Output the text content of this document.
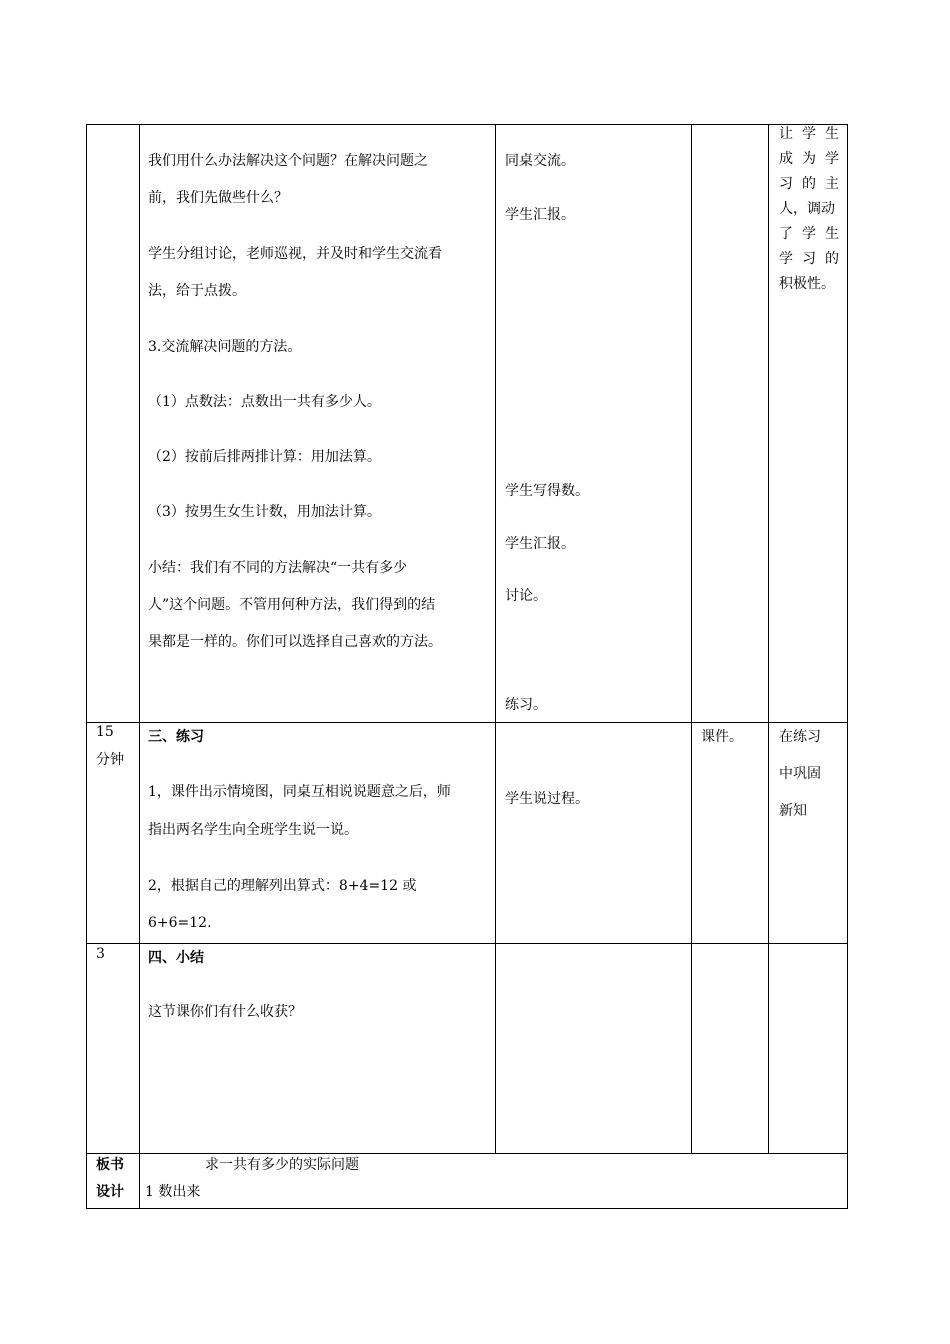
我们用什么办法解决这个问题？在解决问题之
前，我们先做些什么？
学生分组讨论，老师巡视，并及时和学生交流看
法，给于点拨。
3.交流解决问题的方法。
（1）点数法：点数出一共有多少人。
（2）按前后排两排计算：用加法算。
（3）按男生女生计数，用加法计算。
小结：我们有不同的方法解决“一共有多少
人”这个问题。不管用何种方法，我们得到的结
果都是一样的。你们可以选择自己喜欢的方法。
同桌交流。
学生汇报。
学生写得数。
学生汇报。
讨论。
练习。
让 学 生
成 为 学
习 的 主
人，调动
了 学 生
学 习 的
积极性。
15
分钟
三、练习
1，课件出示情境图，同桌互相说说题意之后，师
指出两名学生向全班学生说一说。
2，根据自己的理解列出算式：8+4=12 或
6+6=12.
学生说过程。
课件。	在练习
中巩固
新知
3	四、小结
这节课你们有什么收获？
板书
设计
求一共有多少的实际问题
1 数出来
